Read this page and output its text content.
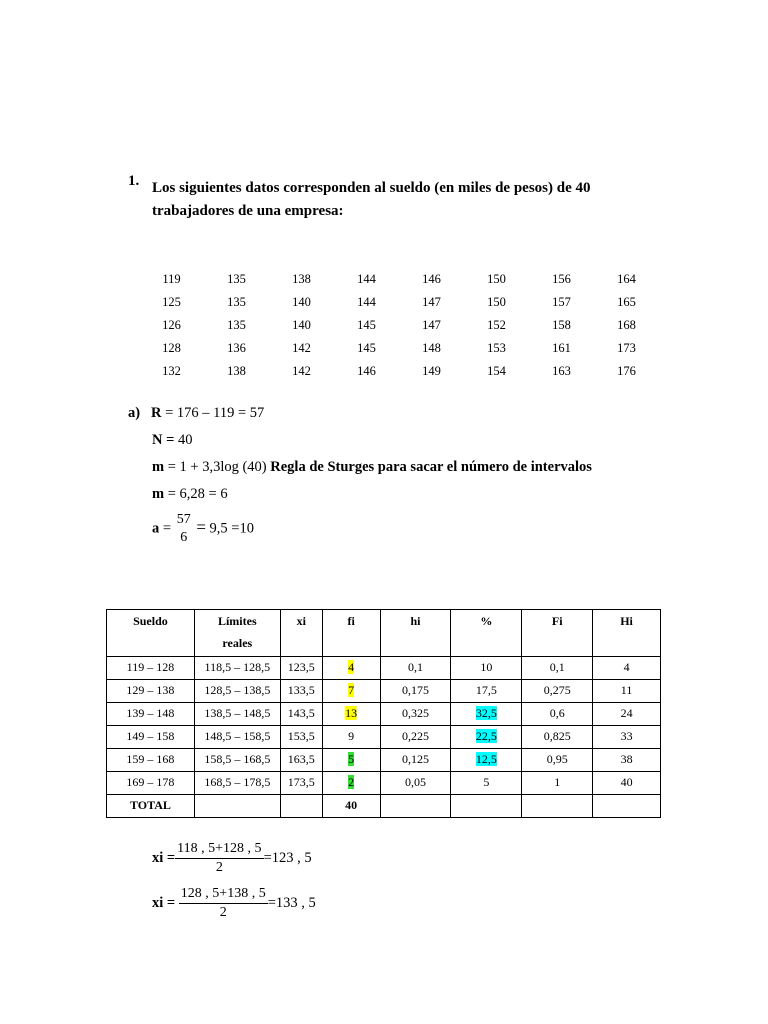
1. Los siguientes datos corresponden al sueldo (en miles de pesos) de 40
trabajadores de una empresa:
119	135	138	144	146	150	156	164
125	135	140	144	147	150	157	165
126	135	140	145	147	152	158	168
128	136	142	145	148	153	161	173
132	138	142	146	149	154	163	176
a) R = 176 – 119 = 57
N = 40
m = 1 + 3,3log (40) Regla de Sturges para sacar el número de intervalos
m = 6,28 = 6
a =
57
6
= 9,5 =10
Sueldo	Límites reales	xi	fi	hi	%	Fi	Hi
119 – 128	118,5 – 128,5	123,5	4	0,1	10	0,1	4
129 – 138	128,5 – 138,5	133,5	7	0,175	17,5	0,275	11
139 – 148	138,5 – 148,5	143,5	13	0,325	32,5	0,6	24
149 – 158	148,5 – 158,5	153,5	9	0,225	22,5	0,825	33
159 – 168	158,5 – 168,5	163,5	5	0,125	12,5	0,95	38
169 – 178	168,5 – 178,5	173,5	2	0,05	5	1	40
TOTAL			40				
xi = $\frac{118 , 5+128 , 5}{2} =123$ , 5
xi = $\frac{128 , 5+138 , 5}{2} =133$ , 5
